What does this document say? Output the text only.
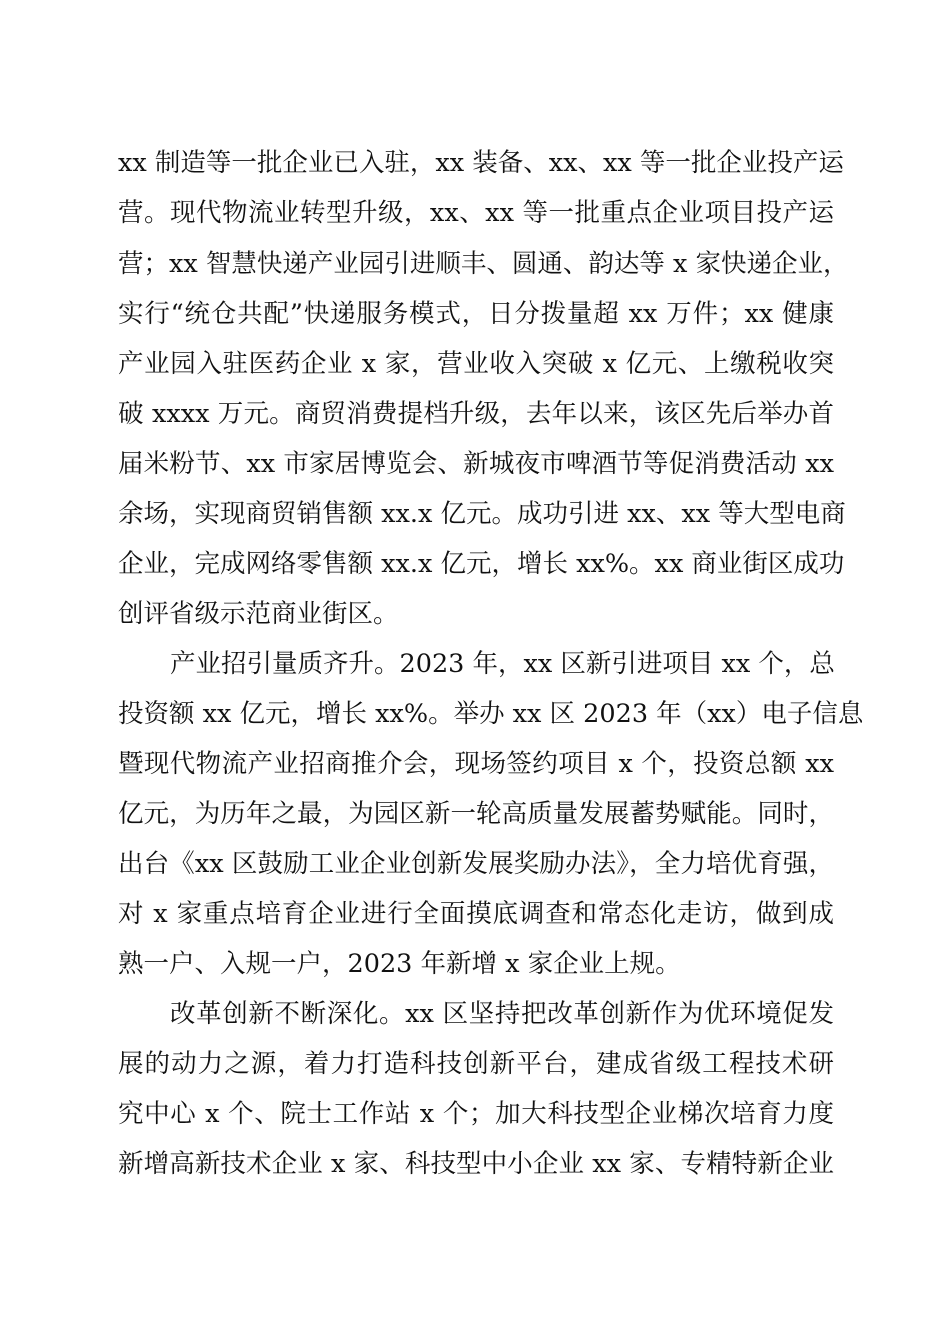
xx 制造等一批企业已入驻，xx 装备、xx、xx 等一批企业投产运
营。现代物流业转型升级，xx、xx 等一批重点企业项目投产运
营；xx 智慧快递产业园引进顺丰、圆通、韵达等 x 家快递企业，
实行“统仓共配”快递服务模式，日分拨量超 xx 万件；xx 健康
产业园入驻医药企业 x 家，营业收入突破 x 亿元、上缴税收突
破 xxxx 万元。商贸消费提档升级，去年以来，该区先后举办首
届米粉节、xx 市家居博览会、新城夜市啤酒节等促消费活动 xx
余场，实现商贸销售额 xx.x 亿元。成功引进 xx、xx 等大型电商
企业，完成网络零售额 xx.x 亿元，增长 xx%。xx 商业街区成功
创评省级示范商业街区。
产业招引量质齐升。2023 年，xx 区新引进项目 xx 个，总
投资额 xx 亿元，增长 xx%。举办 xx 区 2023 年（xx）电子信息
暨现代物流产业招商推介会，现场签约项目 x 个，投资总额 xx
亿元，为历年之最，为园区新一轮高质量发展蓄势赋能。同时，
出台《xx 区鼓励工业企业创新发展奖励办法》，全力培优育强，
对 x 家重点培育企业进行全面摸底调查和常态化走访，做到成
熟一户、入规一户，2023 年新增 x 家企业上规。
改革创新不断深化。xx 区坚持把改革创新作为优环境促发
展的动力之源，着力打造科技创新平台，建成省级工程技术研
究中心 x 个、院士工作站 x 个；加大科技型企业梯次培育力度
新增高新技术企业 x 家、科技型中小企业 xx 家、专精特新企业
